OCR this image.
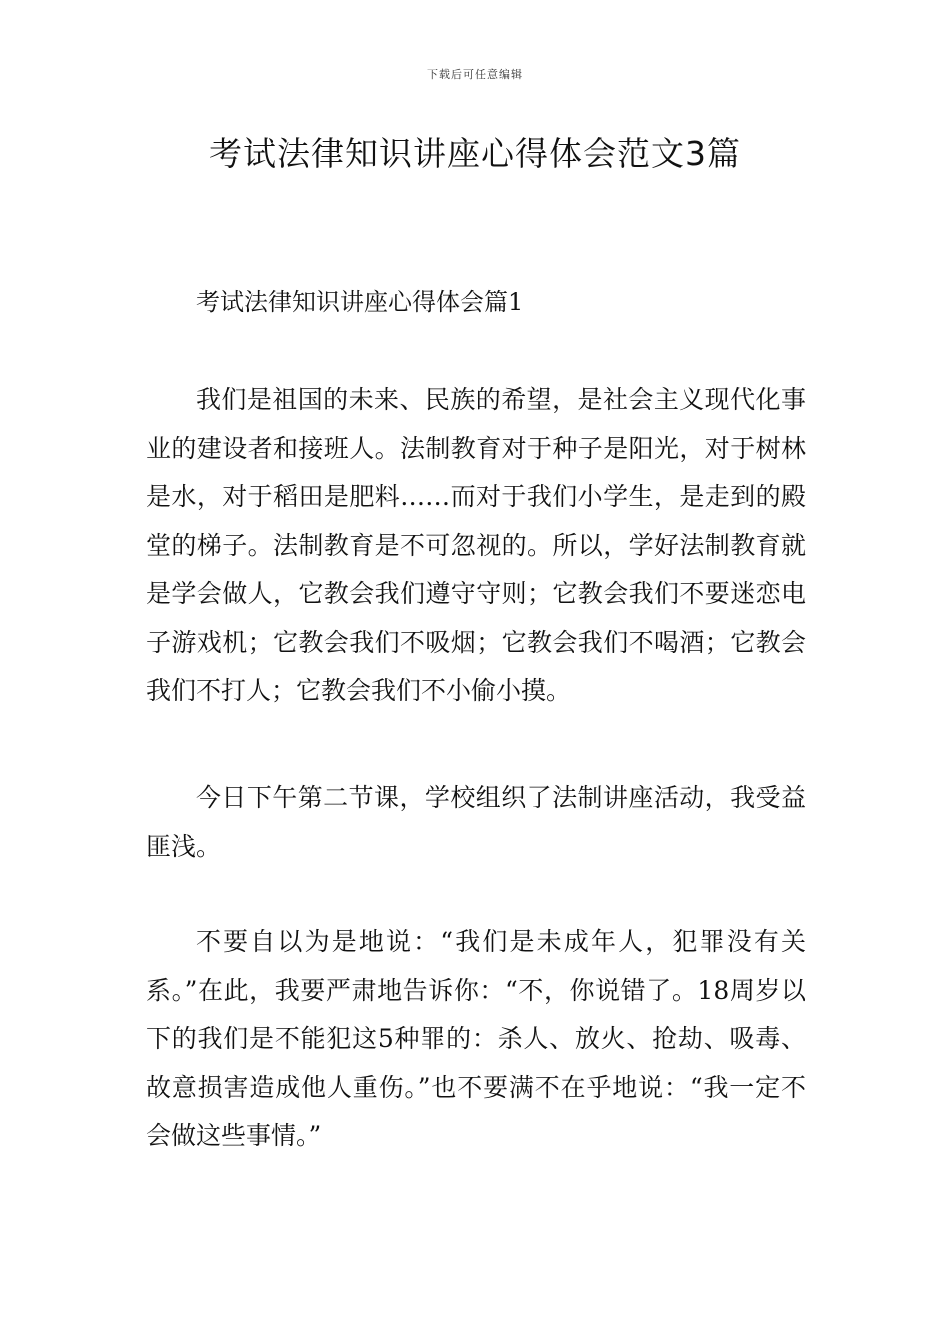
下载后可任意编辑
考试法律知识讲座心得体会范文3篇

考试法律知识讲座心得体会篇1

我们是祖国的未来、民族的希望，是社会主义现代化事业的建设者和接班人。法制教育对于种子是阳光，对于树林是水，对于稻田是肥料……而对于我们小学生，是走到的殿堂的梯子。法制教育是不可忽视的。所以，学好法制教育就是学会做人，它教会我们遵守守则；它教会我们不要迷恋电子游戏机；它教会我们不吸烟；它教会我们不喝酒；它教会我们不打人；它教会我们不小偷小摸。

今日下午第二节课，学校组织了法制讲座活动，我受益匪浅。

不要自以为是地说：“我们是未成年人，犯罪没有关系。”在此，我要严肃地告诉你：“不，你说错了。18周岁以下的我们是不能犯这5种罪的：杀人、放火、抢劫、吸毒、故意损害造成他人重伤。”也不要满不在乎地说：“我一定不会做这些事情。”
